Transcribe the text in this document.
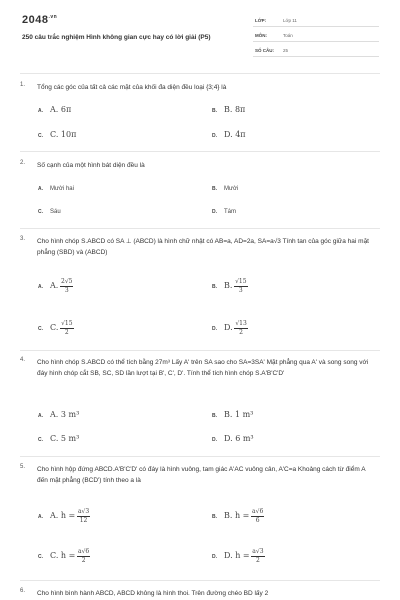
$2048^{.vn}$
250 câu trắc nghiệm Hình không gian cực hay có lời giải (P5)
LỚP:	Lớp 11
MÔN:	Toán
SỐ CÂU: 25
1. Tổng các góc của tất cả các mặt của khối đa diện đều loại {3;4} là
A. A. 6π	B. B. 8π
C. C. 10π	D. D. 4π
2. Số cạnh của một hình bát diện đều là
A. Mười hai	B. Mười
C. Sáu	D. Tám
3. Cho hình chóp S.ABCD có SA ⊥ (ABCD) là hình chữ nhật có AB=a, AD=2a, SA=a√3 Tính tan của góc giữa hai mặt phẳng (SBD) và (ABCD)
A. A. $\frac{2√5}{3}$	B. B. $\frac{√15}{3}$
C. C. $\frac{√15}{2}$	D. D. $\frac{√13}{2}$
4. Cho hình chóp S.ABCD có thể tích bằng 27m³ Lấy A' trên SA sao cho SA=3SA' Mặt phẳng qua A' và song song với đáy hình chóp cắt SB, SC, SD lần lượt tại B', C', D'. Tính thể tích hình chóp S.A'B'C'D'
A. A. 3 m³	B. B. 1 m³
C. C. 5 m³	D. D. 6 m³
5. Cho hình hộp đứng ABCD.A'B'C'D' có đáy là hình vuông, tam giác A'AC vuông cân, A'C=a Khoảng cách từ điểm A đến mặt phẳng (BCD') tính theo a là
A. A. $h = \frac{a√3}{12}$	B. B. $h = \frac{a√6}{6}$
C. C. $h = \frac{a√6}{2}$	D. D. $h = \frac{a√3}{2}$
6. Cho hình bình hành ABCD, ABCD không là hình thoi. Trên đường chéo BD lấy 2
